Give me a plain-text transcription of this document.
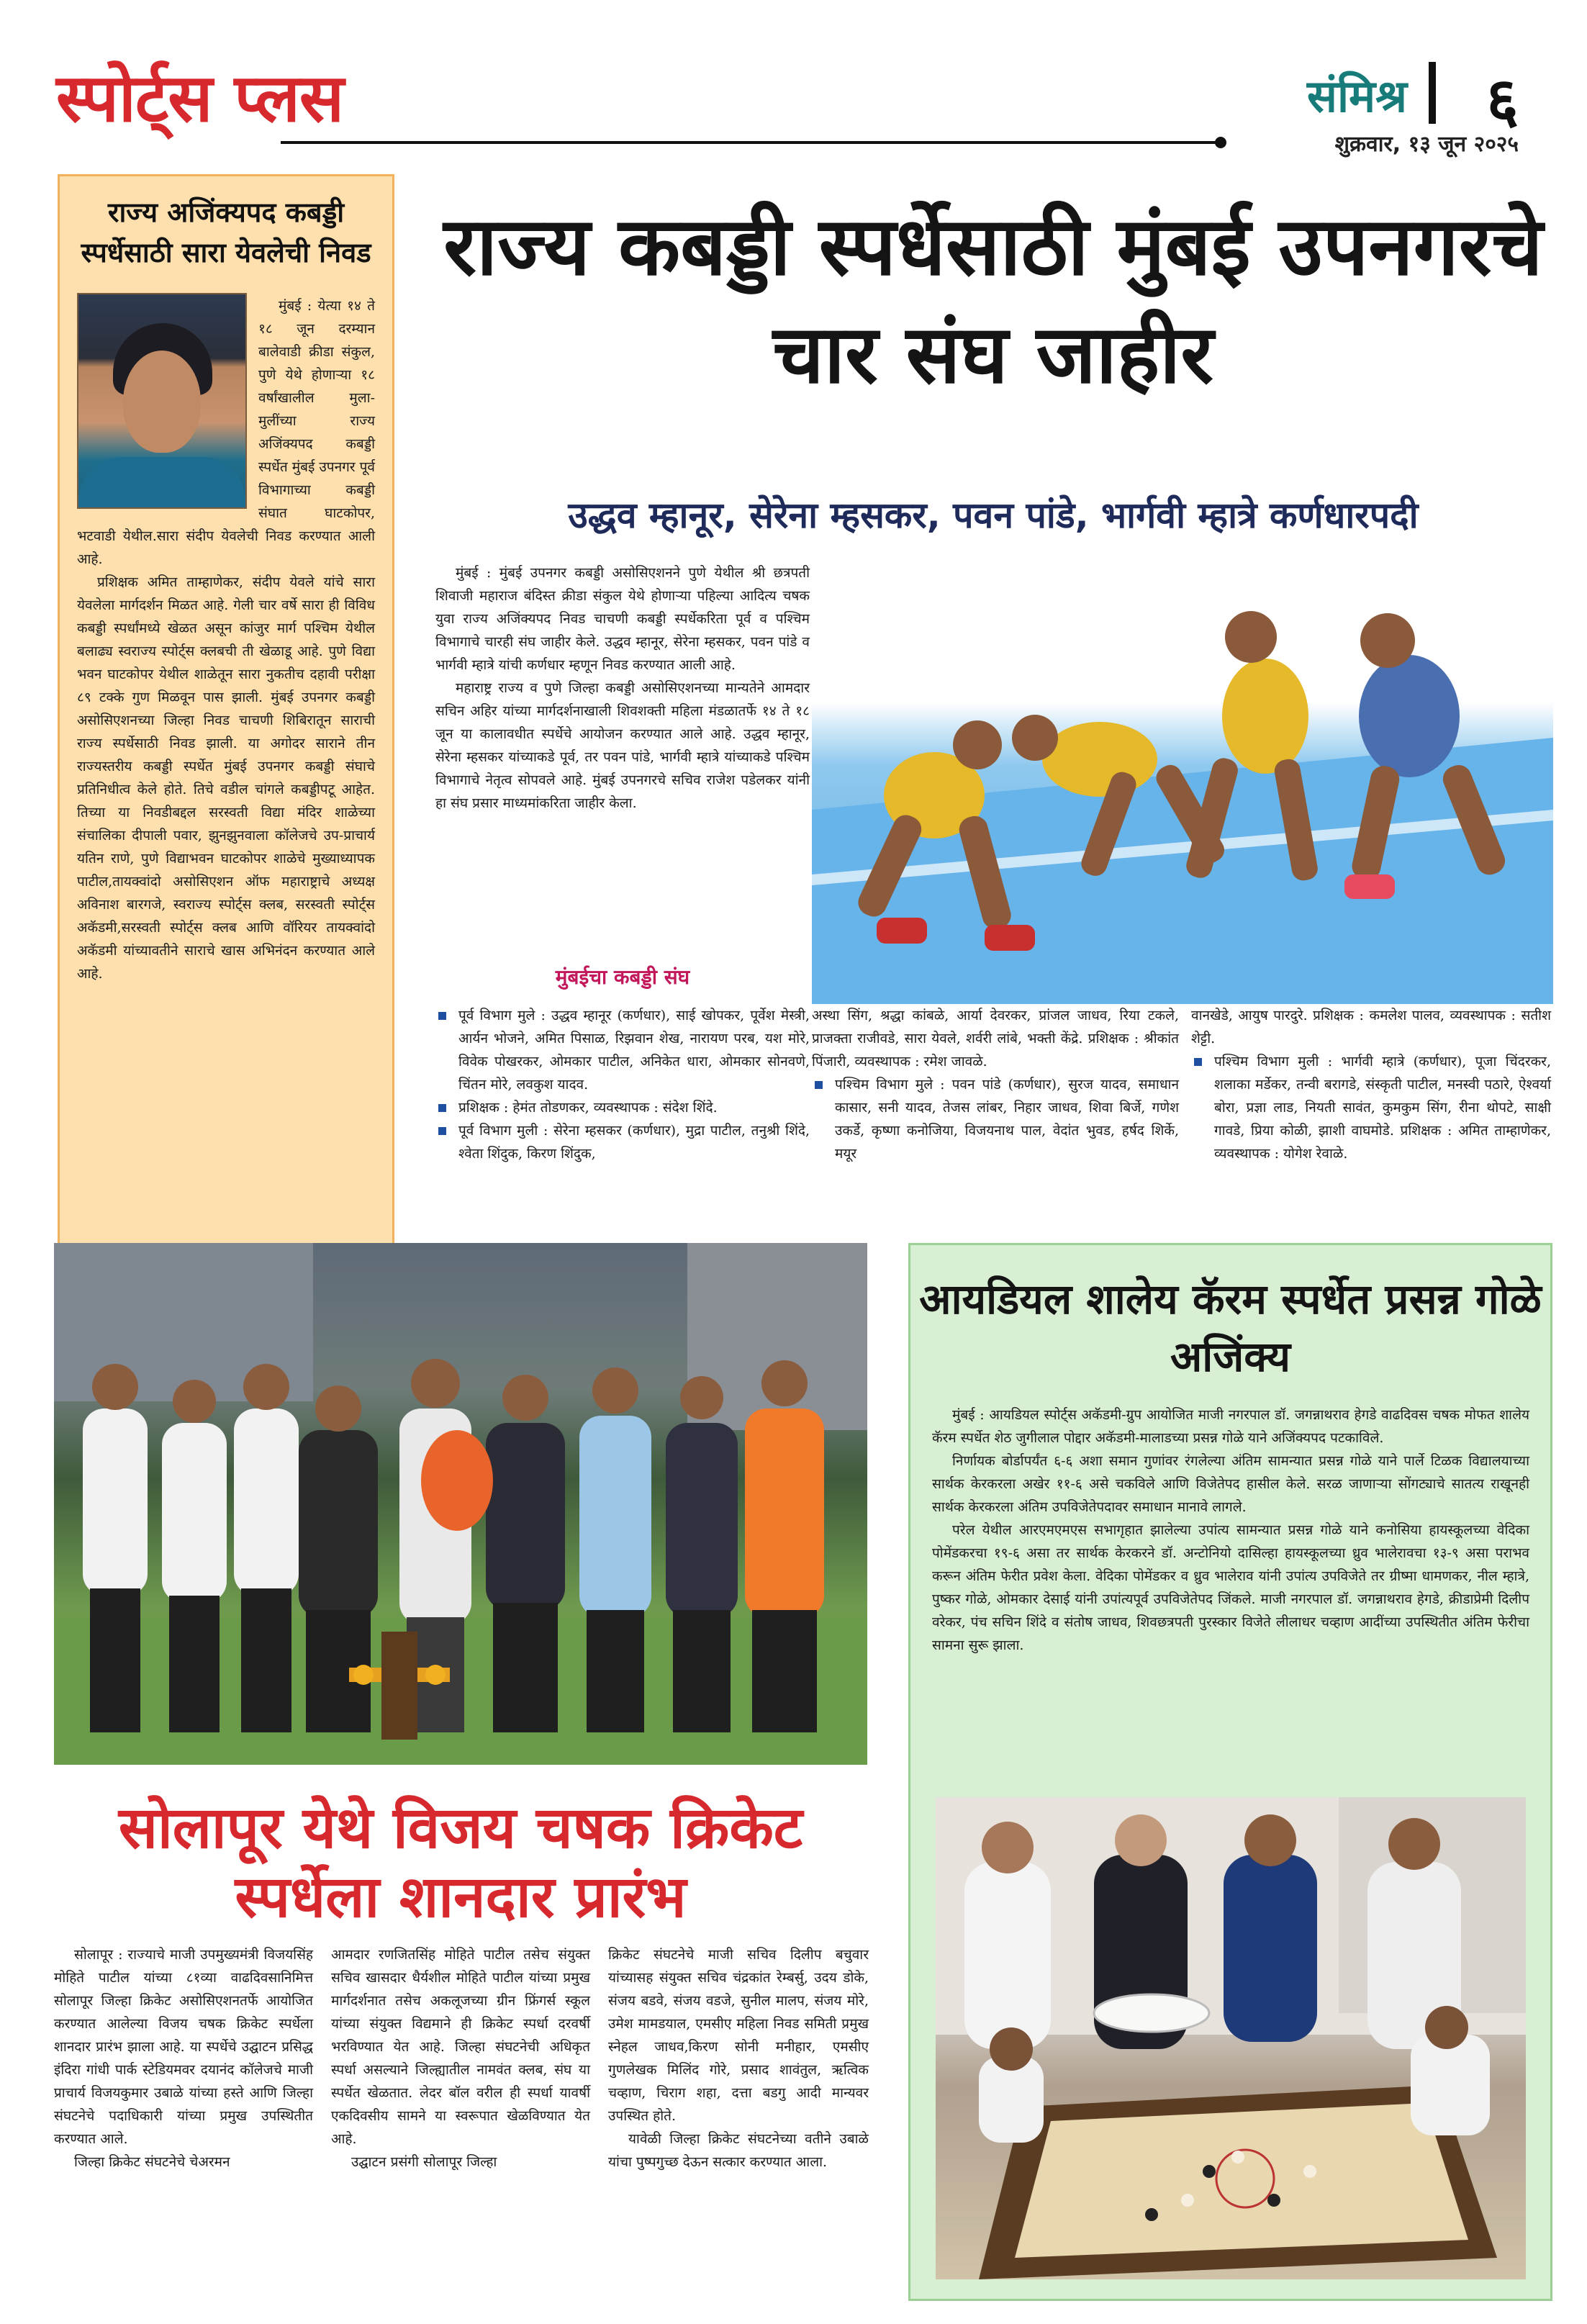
स्पोर्ट्स प्लस	संमिश्र ६
शुक्रवार, १३ जून २०२५
राज्य अजिंक्यपद कबड्डी स्पर्धेसाठी सारा येवलेची निवड

मुंबई : येत्या १४ ते १८ जून दरम्यान बालेवाडी क्रीडा संकुल, पुणे येथे होणाऱ्या १८ वर्षांखालील मुला-मुलींच्या राज्य अजिंक्यपद कबड्डी स्पर्धेत मुंबई उपनगर पूर्व विभागाच्या कबड्डी संघात घाटकोपर, भटवाडी येथील.सारा संदीप येवलेची निवड करण्यात आली आहे.

प्रशिक्षक अमित ताम्हाणेकर, संदीप येवले यांचे सारा येवलेला मार्गदर्शन मिळत आहे. गेली चार वर्षे सारा ही विविध कबड्डी स्पर्धांमध्ये खेळत असून कांजुर मार्ग पश्चिम येथील बलाढ्य स्वराज्य स्पोर्ट्स क्लबची ती खेळाडू आहे. पुणे विद्या भवन घाटकोपर येथील शाळेतून सारा नुकतीच दहावी परीक्षा ८९ टक्के गुण मिळवून पास झाली. मुंबई उपनगर कबड्डी असोसिएशनच्या जिल्हा निवड चाचणी शिबिरातून साराची राज्य स्पर्धेसाठी निवड झाली. या अगोदर साराने तीन राज्यस्तरीय कबड्डी स्पर्धेत मुंबई उपनगर कबड्डी संघाचे प्रतिनिधीत्व केले होते. तिचे वडील चांगले कबड्डीपटू आहेत. तिच्या या निवडीबद्दल सरस्वती विद्या मंदिर शाळेच्या संचालिका दीपाली पवार, झुनझुनवाला कॉलेजचे उप-प्राचार्य यतिन राणे, पुणे विद्याभवन घाटकोपर शाळेचे मुख्याध्यापक पाटील,तायक्वांदो असोसिएशन ऑफ महाराष्ट्राचे अध्यक्ष अविनाश बारगजे, स्वराज्य स्पोर्ट्स क्लब, सरस्वती स्पोर्ट्स अकॅडमी,सरस्वती स्पोर्ट्स क्लब आणि वॉरियर तायक्वांदो अकॅडमी यांच्यावतीने साराचे खास अभिनंदन करण्यात आले आहे.

राज्य कबड्डी स्पर्धेसाठी मुंबई उपनगरचे चार संघ जाहीर
उद्धव म्हानूर, सेरेना म्हसकर, पवन पांडे, भार्गवी म्हात्रे कर्णधारपदी

मुंबई : मुंबई उपनगर कबड्डी असोसिएशनने पुणे येथील श्री छत्रपती शिवाजी महाराज बंदिस्त क्रीडा संकुल येथे होणाऱ्या पहिल्या आदित्य चषक युवा राज्य अजिंक्यपद निवड चाचणी कबड्डी स्पर्धेकरिता पूर्व व पश्चिम विभागाचे चारही संघ जाहीर केले. उद्धव म्हानूर, सेरेना म्हसकर, पवन पांडे व भार्गवी म्हात्रे यांची कर्णधार म्हणून निवड करण्यात आली आहे.

महाराष्ट्र राज्य व पुणे जिल्हा कबड्डी असोसिएशनच्या मान्यतेने आमदार सचिन अहिर यांच्या मार्गदर्शनाखाली शिवशक्ती महिला मंडळातर्फे १४ ते १८ जून या कालावधीत स्पर्धेचे आयोजन करण्यात आले आहे. उद्धव म्हानूर, सेरेना म्हसकर यांच्याकडे पूर्व, तर पवन पांडे, भार्गवी म्हात्रे यांच्याकडे पश्चिम विभागाचे नेतृत्व सोपवले आहे. मुंबई उपनगरचे सचिव राजेश पडेलकर यांनी हा संघ प्रसार माध्यमांकरिता जाहीर केला.

मुंबईचा कबड्डी संघ

पूर्व विभाग मुले : उद्धव म्हानूर (कर्णधार), साई खोपकर, पूर्वेश मेस्त्री, आर्यन भोजने, अमित पिसाळ, रिझवान शेख, नारायण परब, यश मोरे, विवेक पोखरकर, ओमकार पाटील, अनिकेत धारा, ओमकार सोनवणे, चिंतन मोरे, लवकुश यादव.

प्रशिक्षक : हेमंत तोडणकर, व्यवस्थापक : संदेश शिंदे.

पूर्व विभाग मुली : सेरेना म्हसकर (कर्णधार), मुद्रा पाटील, तनुश्री शिंदे, श्वेता शिंदुक, किरण शिंदुक,

अस्था सिंग, श्रद्धा कांबळे, आर्या देवरकर, प्रांजल जाधव, रिया टकले, प्राजक्ता राजीवडे, सारा येवले, शर्वरी लांबे, भक्ती केंद्रे. प्रशिक्षक : श्रीकांत पिंजारी, व्यवस्थापक : रमेश जावळे.

पश्चिम विभाग मुले : पवन पांडे (कर्णधार), सुरज यादव, समाधान कासार, सनी यादव, तेजस लांबर, निहार जाधव, शिवा बिर्जे, गणेश उकर्डे, कृष्णा कनोजिया, विजयनाथ पाल, वेदांत भुवड, हर्षद शिर्के, मयूर

वानखेडे, आयुष पारदुरे. प्रशिक्षक : कमलेश पालव, व्यवस्थापक : सतीश शेट्टी.

पश्चिम विभाग मुली : भार्गवी म्हात्रे (कर्णधार), पूजा चिंदरकर, शलाका मर्डेकर, तन्वी बरागडे, संस्कृती पाटील, मनस्वी पठारे, ऐश्वर्या बोरा, प्रज्ञा लाड, नियती सावंत, कुमकुम सिंग, रीना थोपटे, साक्षी गावडे, प्रिया कोळी, झाशी वाघमोडे. प्रशिक्षक : अमित ताम्हाणेकर, व्यवस्थापक : योगेश रेवाळे.

सोलापूर येथे विजय चषक क्रिकेट स्पर्धेला शानदार प्रारंभ

सोलापूर : राज्याचे माजी उपमुख्यमंत्री विजयसिंह मोहिते पाटील यांच्या ८१व्या वाढदिवसानिमित्त सोलापूर जिल्हा क्रिकेट असोसिएशनतर्फे आयोजित करण्यात आलेल्या विजय चषक क्रिकेट स्पर्धेला शानदार प्रारंभ झाला आहे. या स्पर्धेचे उद्घाटन प्रसिद्ध इंदिरा गांधी पार्क स्टेडियमवर दयानंद कॉलेजचे माजी प्राचार्य विजयकुमार उबाळे यांच्या हस्ते आणि जिल्हा संघटनेचे पदाधिकारी यांच्या प्रमुख उपस्थितीत करण्यात आले.

जिल्हा क्रिकेट संघटनेचे चेअरमन

आमदार रणजितसिंह मोहिते पाटील तसेच संयुक्त सचिव खासदार धैर्यशील मोहिते पाटील यांच्या प्रमुख मार्गदर्शनात तसेच अकलूजच्या ग्रीन फ्रिंगर्स स्कूल यांच्या संयुक्त विद्यमाने ही क्रिकेट स्पर्धा दरवर्षी भरविण्यात येत आहे. जिल्हा संघटनेची अधिकृत स्पर्धा असल्याने जिल्ह्यातील नामवंत क्लब, संघ या स्पर्धेत खेळतात. लेदर बॉल वरील ही स्पर्धा यावर्षी एकदिवसीय सामने या स्वरूपात खेळविण्यात येत आहे.

उद्घाटन प्रसंगी सोलापूर जिल्हा

क्रिकेट संघटनेचे माजी सचिव दिलीप बचुवार यांच्यासह संयुक्त सचिव चंद्रकांत रेम्बर्सु, उदय डोके, संजय बडवे, संजय वडजे, सुनील मालप, संजय मोरे, उमेश मामडयाल, एमसीए महिला निवड समिती प्रमुख स्नेहल जाधव,किरण सोनी मनीहार, एमसीए गुणलेखक मिलिंद गोरे, प्रसाद शावंतुल, ऋत्विक चव्हाण, चिराग शहा, दत्ता बडगु आदी मान्यवर उपस्थित होते.

यावेळी जिल्हा क्रिकेट संघटनेच्या वतीने उबाळे यांचा पुष्पगुच्छ देऊन सत्कार करण्यात आला.

आयडियल शालेय कॅरम स्पर्धेत प्रसन्न गोळे अजिंक्य

मुंबई : आयडियल स्पोर्ट्स अकॅडमी-ग्रुप आयोजित माजी नगरपाल डॉ. जगन्नाथराव हेगडे वाढदिवस चषक मोफत शालेय कॅरम स्पर्धेत शेठ जुगीलाल पोद्दार अकॅडमी-मालाडच्या प्रसन्न गोळे याने अजिंक्यपद पटकाविले.

निर्णायक बोर्डापर्यंत ६-६ अशा समान गुणांवर रंगलेल्या अंतिम सामन्यात प्रसन्न गोळे याने पार्ले टिळक विद्यालयाच्या सार्थक केरकरला अखेर ११-६ असे चकविले आणि विजेतेपद हासील केले. सरळ जाणाऱ्या सोंगट्याचे सातत्य राखूनही सार्थक केरकरला अंतिम उपविजेतेपदावर समाधान मानावे लागले.

परेल येथील आरएमएमएस सभागृहात झालेल्या उपांत्य सामन्यात प्रसन्न गोळे याने कनोसिया हायस्कूलच्या वेदिका पोमेंडकरचा १९-६ असा तर सार्थक केरकरने डॉ. अन्टोनियो दासिल्हा हायस्कूलच्या ध्रुव भालेरावचा १३-९ असा पराभव करून अंतिम फेरीत प्रवेश केला. वेदिका पोमेंडकर व ध्रुव भालेराव यांनी उपांत्य उपविजेते तर ग्रीष्मा धामणकर, नील म्हात्रे, पुष्कर गोळे, ओमकार देसाई यांनी उपांत्यपूर्व उपविजेतेपद जिंकले. माजी नगरपाल डॉ. जगन्नाथराव हेगडे, क्रीडाप्रेमी दिलीप वरेकर, पंच सचिन शिंदे व संतोष जाधव, शिवछत्रपती पुरस्कार विजेते लीलाधर चव्हाण आदींच्या उपस्थितीत अंतिम फेरीचा सामना सुरू झाला.
